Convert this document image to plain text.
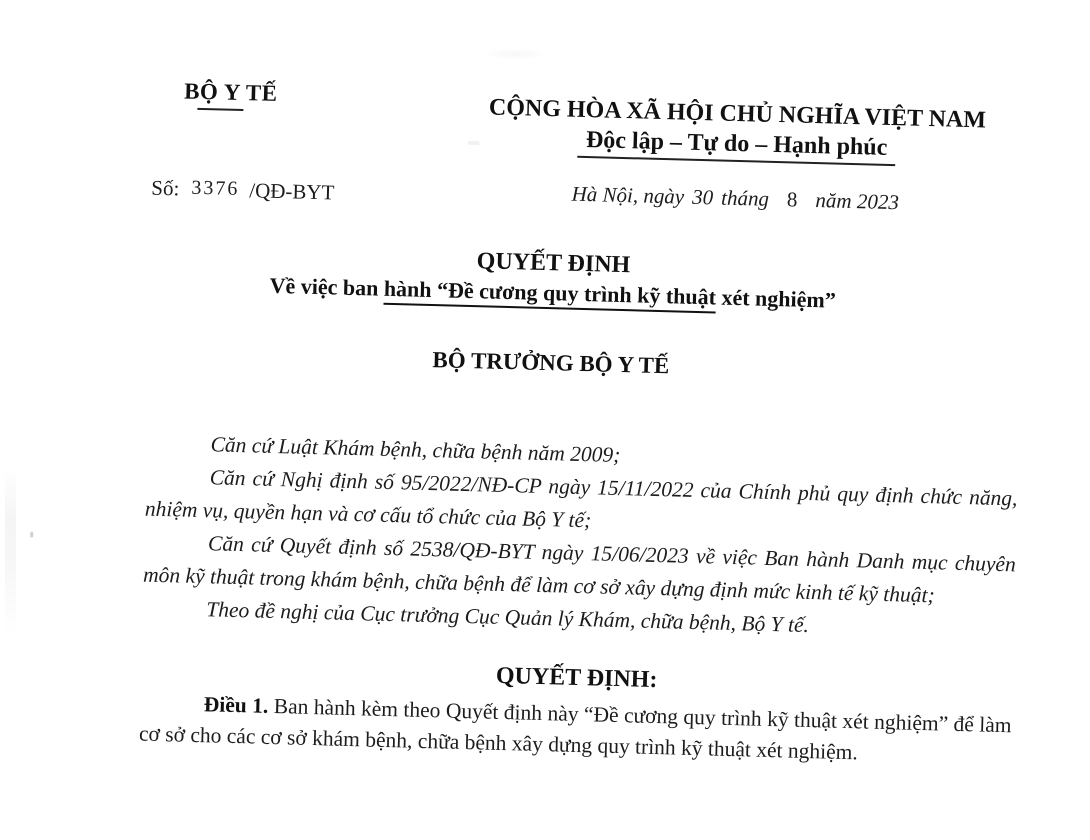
BỘ Y TẾ
Số: 3376 /QĐ-BYT
CỘNG HÒA XÃ HỘI CHỦ NGHĨA VIỆT NAM
Độc lập – Tự do – Hạnh phúc
Hà Nội, ngày 30 tháng 8 năm 2023
QUYẾT ĐỊNH
Về việc ban hành “Đề cương quy trình kỹ thuật xét nghiệm”
BỘ TRƯỞNG BỘ Y TẾ

Căn cứ Luật Khám bệnh, chữa bệnh năm 2009;

Căn cứ Nghị định số 95/2022/NĐ-CP ngày 15/11/2022 của Chính phủ quy định chức năng, nhiệm vụ, quyền hạn và cơ cấu tổ chức của Bộ Y tế;

Căn cứ Quyết định số 2538/QĐ-BYT ngày 15/06/2023 về việc Ban hành Danh mục chuyên môn kỹ thuật trong khám bệnh, chữa bệnh để làm cơ sở xây dựng định mức kinh tế kỹ thuật;

Theo đề nghị của Cục trưởng Cục Quản lý Khám, chữa bệnh, Bộ Y tế.

QUYẾT ĐỊNH:

Điều 1. Ban hành kèm theo Quyết định này “Đề cương quy trình kỹ thuật xét nghiệm” để làm cơ sở cho các cơ sở khám bệnh, chữa bệnh xây dựng quy trình kỹ thuật xét nghiệm.
